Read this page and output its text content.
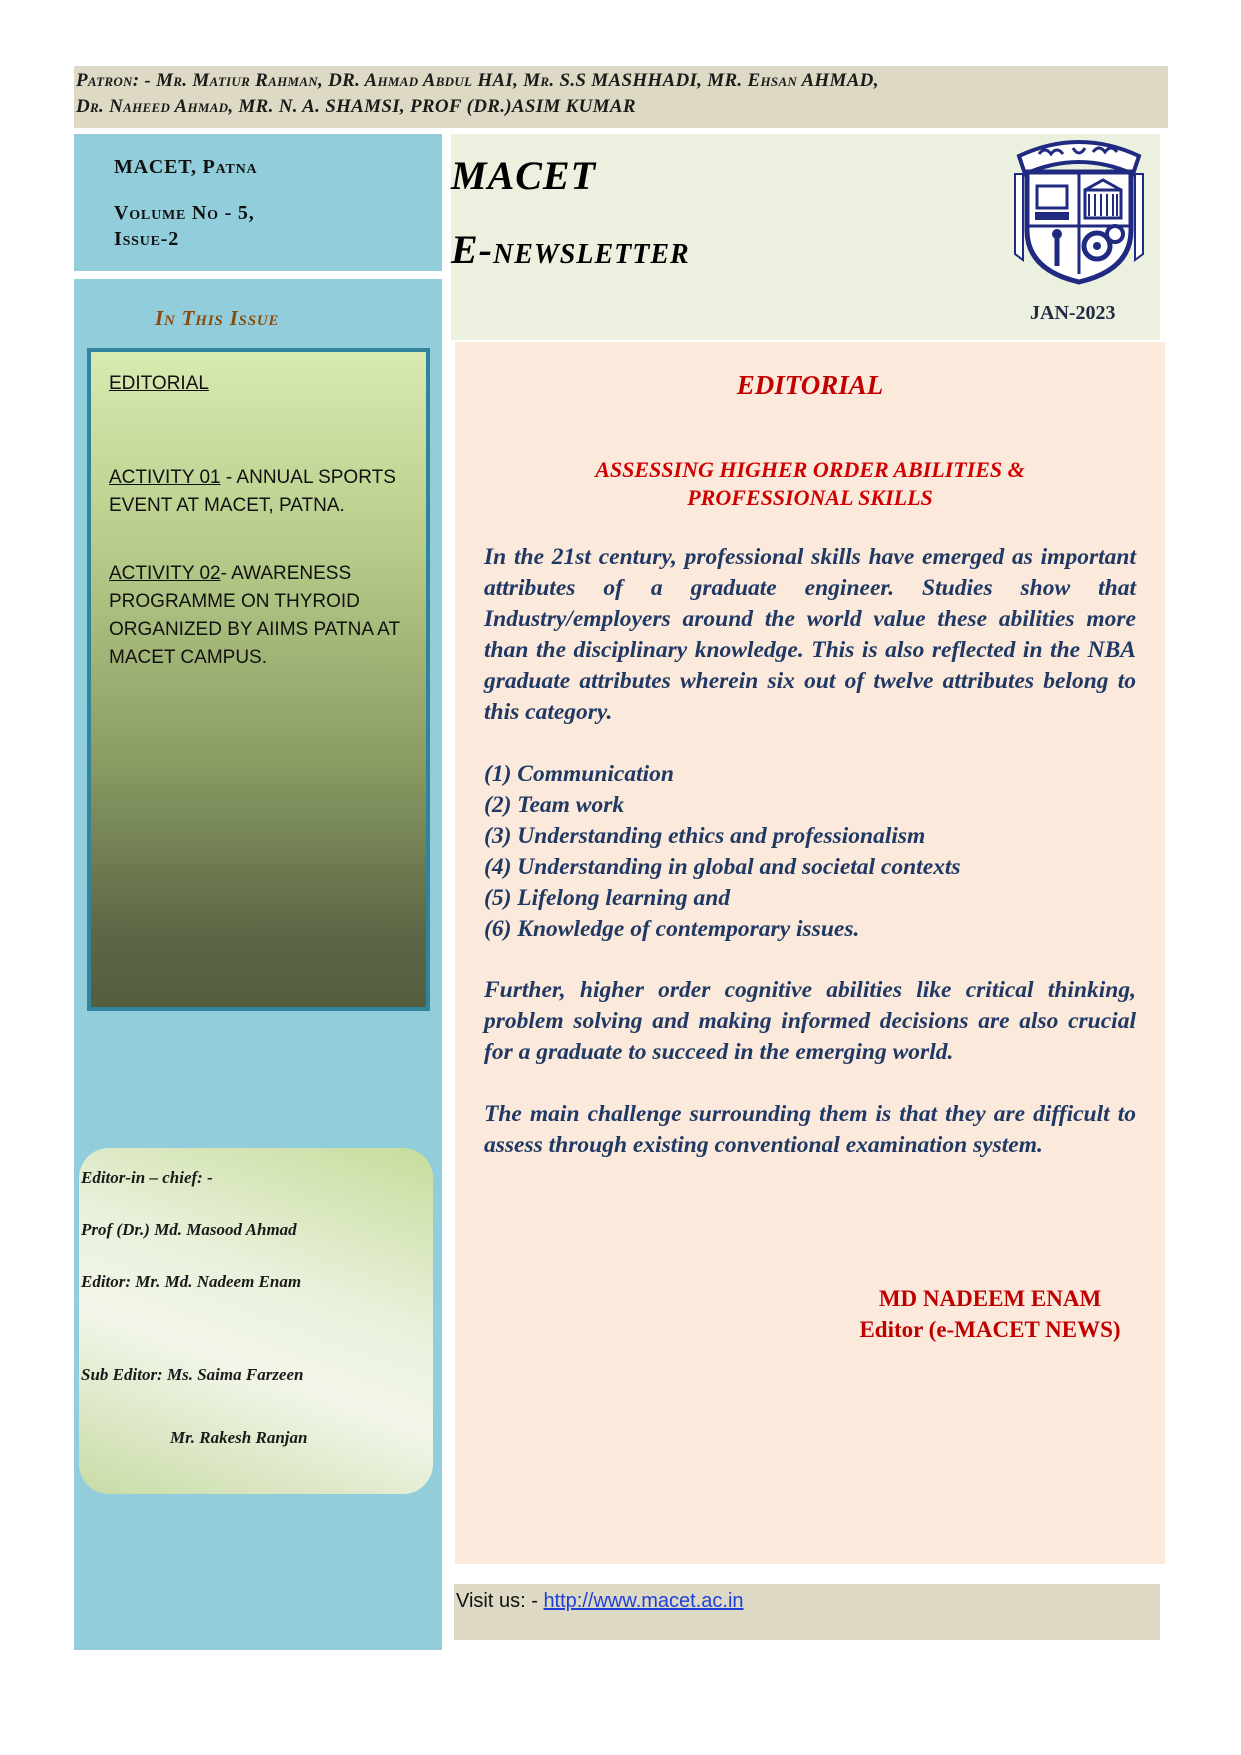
Patron: - Mr. Matiur Rahman, DR. Ahmad Abdul HAI, Mr. S.S MASHHADI, MR. Ehsan AHMAD,
Dr. Naheed Ahmad, MR. N. A. SHAMSI, PROF (DR.)ASIM KUMAR
MACET, Patna
Volume No - 5,
Issue-2
In This Issue

EDITORIAL

ACTIVITY 01 - ANNUAL SPORTS EVENT AT MACET, PATNA.

ACTIVITY 02- AWARENESS PROGRAMME ON THYROID ORGANIZED BY AIIMS PATNA AT MACET CAMPUS.

Editor-in – chief: -
Prof (Dr.) Md. Masood Ahmad
Editor: Mr. Md. Nadeem Enam
Sub Editor: Ms. Saima Farzeen
Mr. Rakesh Ranjan
MACET
E-newsletter
JAN-2023
EDITORIAL
ASSESSING HIGHER ORDER ABILITIES &
PROFESSIONAL SKILLS
In the 21st century, professional skills have emerged as important attributes of a graduate engineer. Studies show that Industry/employers around the world value these abilities more than the disciplinary knowledge. This is also reflected in the NBA graduate attributes wherein six out of twelve attributes belong to this category.
(1) Communication
(2) Team work
(3) Understanding ethics and professionalism
(4) Understanding in global and societal contexts
(5) Lifelong learning and
(6) Knowledge of contemporary issues.
Further, higher order cognitive abilities like critical thinking, problem solving and making informed decisions are also crucial for a graduate to succeed in the emerging world.
The main challenge surrounding them is that they are difficult to assess through existing conventional examination system.
MD NADEEM ENAM
Editor (e-MACET NEWS)
Visit us: - http://www.macet.ac.in
